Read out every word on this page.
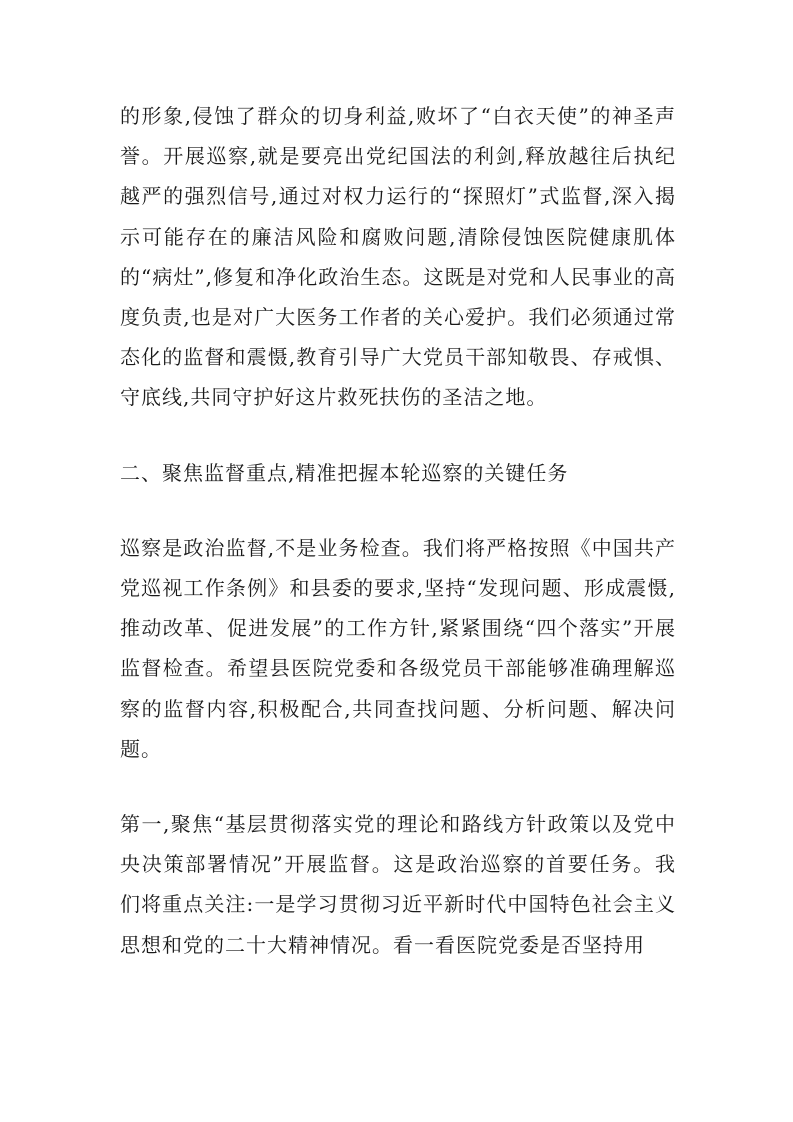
的形象,侵蚀了群众的切身利益,败坏了“白衣天使”的神圣声誉。开展巡察,就是要亮出党纪国法的利剑,释放越往后执纪越严的强烈信号,通过对权力运行的“探照灯”式监督,深入揭示可能存在的廉洁风险和腐败问题,清除侵蚀医院健康肌体的“病灶”,修复和净化政治生态。这既是对党和人民事业的高度负责,也是对广大医务工作者的关心爱护。我们必须通过常态化的监督和震慑,教育引导广大党员干部知敬畏、存戒惧、守底线,共同守护好这片救死扶伤的圣洁之地。

二、聚焦监督重点,精准把握本轮巡察的关键任务

巡察是政治监督,不是业务检查。我们将严格按照《中国共产党巡视工作条例》和县委的要求,坚持“发现问题、形成震慑,推动改革、促进发展”的工作方针,紧紧围绕“四个落实”开展监督检查。希望县医院党委和各级党员干部能够准确理解巡察的监督内容,积极配合,共同查找问题、分析问题、解决问题。

第一,聚焦“基层贯彻落实党的理论和路线方针政策以及党中央决策部署情况”开展监督。这是政治巡察的首要任务。我们将重点关注:一是学习贯彻习近平新时代中国特色社会主义思想和党的二十大精神情况。看一看医院党委是否坚持用
